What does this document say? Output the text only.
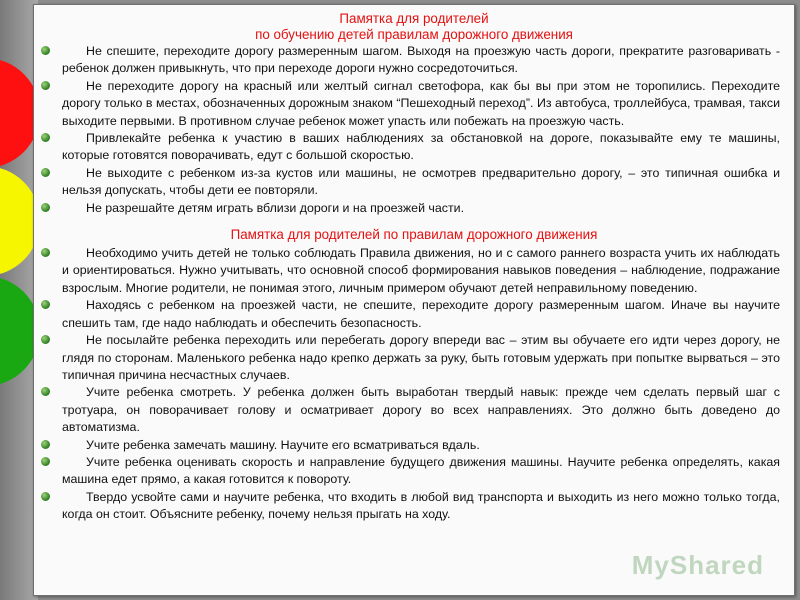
Памятка для родителей
по обучению детей правилам дорожного движения
Не спешите, переходите дорогу размеренным шагом. Выходя на проезжую часть дороги, прекратите разговаривать - ребенок должен привыкнуть, что при переходе дороги нужно сосредоточиться.
Не переходите дорогу на красный или желтый сигнал светофора, как бы вы при этом не торопились. Переходите дорогу только в местах, обозначенных дорожным знаком “Пешеходный переход”. Из автобуса, троллейбуса, трамвая, такси выходите первыми. В противном случае ребенок может упасть или побежать на проезжую часть.
Привлекайте ребенка к участию в ваших наблюдениях за обстановкой на дороге, показывайте ему те машины, которые готовятся поворачивать, едут с большой скоростью.
Не выходите с ребенком из-за кустов или машины, не осмотрев предварительно дорогу, – это типичная ошибка и нельзя допускать, чтобы дети ее повторяли.
Не разрешайте детям играть вблизи дороги и на проезжей части.
Памятка для родителей по правилам дорожного движения
Необходимо учить детей не только соблюдать Правила движения, но и с самого раннего возраста учить их наблюдать и ориентироваться. Нужно учитывать, что основной способ формирования навыков поведения – наблюдение, подражание взрослым. Многие родители, не понимая этого, личным примером обучают детей неправильному поведению.
Находясь с ребенком на проезжей части, не спешите, переходите дорогу размеренным шагом. Иначе вы научите спешить там, где надо наблюдать и обеспечить безопасность.
Не посылайте ребенка переходить или перебегать дорогу впереди вас – этим вы обучаете его идти через дорогу, не глядя по сторонам. Маленького ребенка надо крепко держать за руку, быть готовым удержать при попытке вырваться – это типичная причина несчастных случаев.
Учите ребенка смотреть. У ребенка должен быть выработан твердый навык: прежде чем сделать первый шаг с тротуара, он поворачивает голову и осматривает дорогу во всех направлениях. Это должно быть доведено до автоматизма.
Учите ребенка замечать машину. Научите его всматриваться вдаль.
Учите ребенка оценивать скорость и направление будущего движения машины. Научите ребенка определять, какая машина едет прямо, а какая готовится к повороту.
Твердо усвойте сами и научите ребенка, что входить в любой вид транспорта и выходить из него можно только тогда, когда он стоит. Объясните ребенку, почему нельзя прыгать на ходу.
MyShared
